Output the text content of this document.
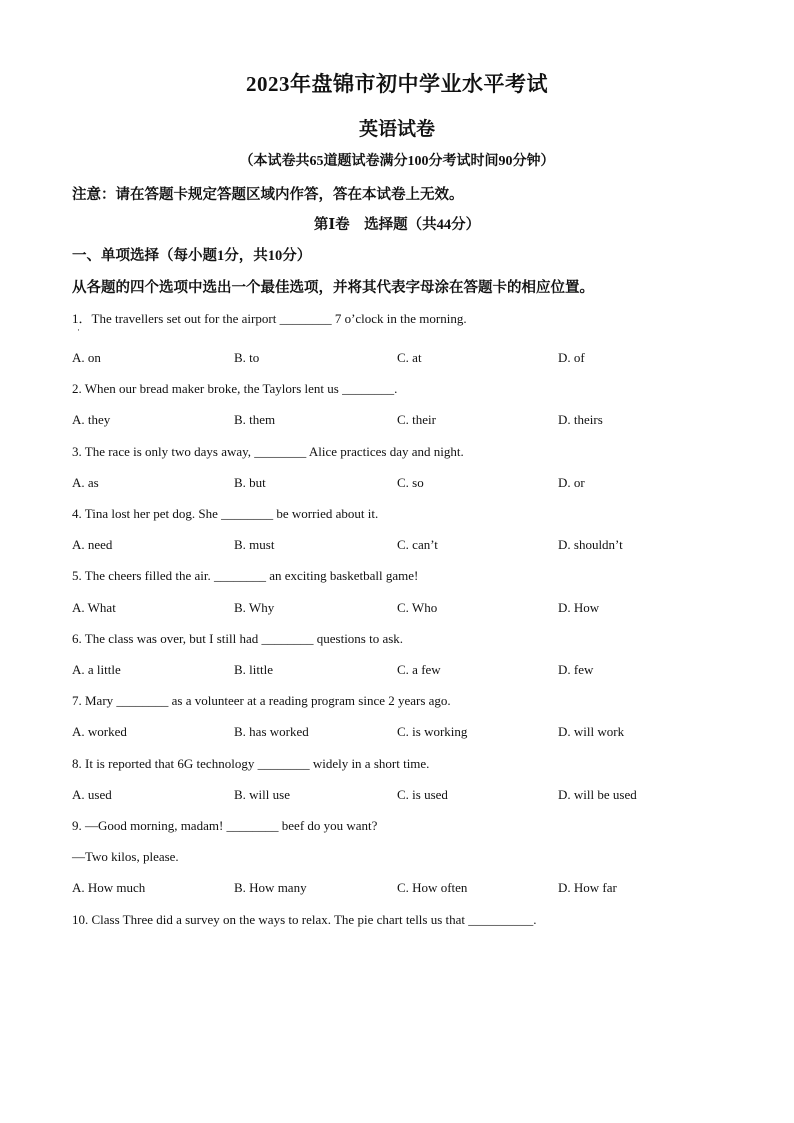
2023年盘锦市初中学业水平考试
英语试卷
（本试卷共65道题试卷满分100分考试时间90分钟）
注意：请在答题卡规定答题区域内作答，答在本试卷上无效。
第Ⅰ卷　选择题（共44分）
一、单项选择（每小题1分，共10分）
从各题的四个选项中选出一个最佳选项，并将其代表字母涂在答题卡的相应位置。
·
1．The travellers set out for the airport ________ 7 o’clock in the morning.
A. on	B. to	C. at	D. of
2. When our bread maker broke, the Taylors lent us ________.
A. they	B. them	C. their	D. theirs
3. The race is only two days away, ________ Alice practices day and night.
A. as	B. but	C. so	D. or
4. Tina lost her pet dog. She ________ be worried about it.
A. need	B. must	C. can’t	D. shouldn’t
5. The cheers filled the air. ________ an exciting basketball game!
A. What	B. Why	C. Who	D. How
6. The class was over, but I still had ________ questions to ask.
A. a little	B. little	C. a few	D. few
7. Mary ________ as a volunteer at a reading program since 2 years ago.
A. worked	B. has worked	C. is working	D. will work
8. It is reported that 6G technology ________ widely in a short time.
A. used	B. will use	C. is used	D. will be used
9. —Good morning, madam! ________ beef do you want?
—Two kilos, please.
A. How much	B. How many	C. How often	D. How far
10. Class Three did a survey on the ways to relax. The pie chart tells us that __________.
